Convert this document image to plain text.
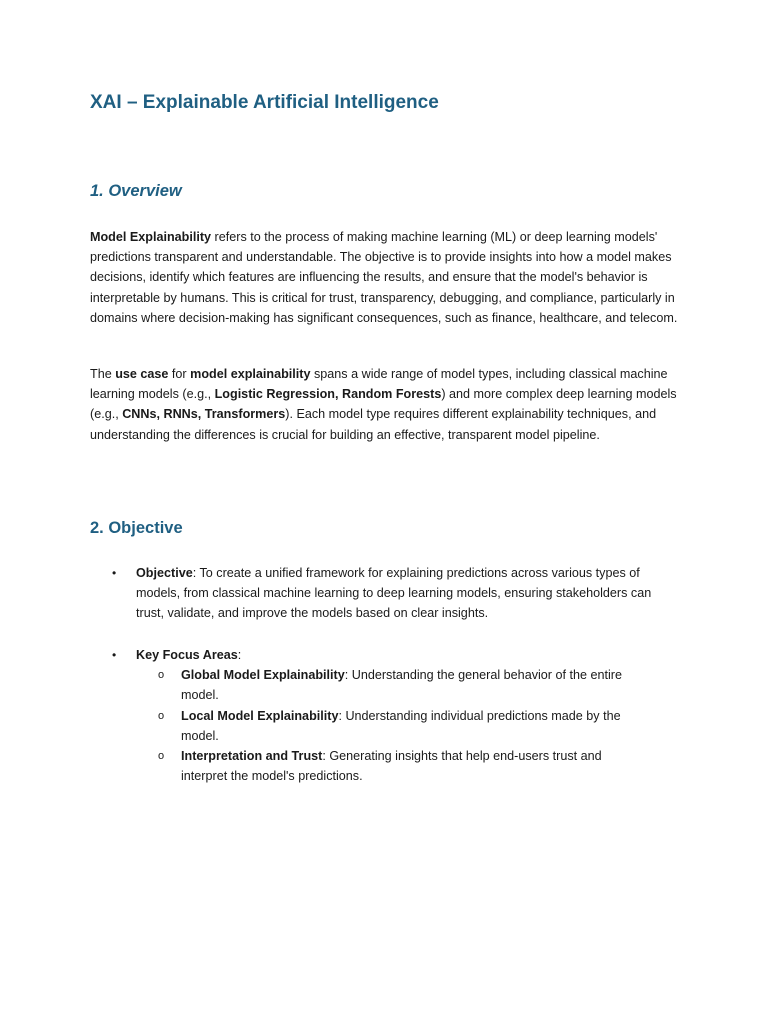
XAI – Explainable Artificial Intelligence
1. Overview

Model Explainability refers to the process of making machine learning (ML) or deep learning models' predictions transparent and understandable. The objective is to provide insights into how a model makes decisions, identify which features are influencing the results, and ensure that the model's behavior is interpretable by humans. This is critical for trust, transparency, debugging, and compliance, particularly in domains where decision-making has significant consequences, such as finance, healthcare, and telecom.

The use case for model explainability spans a wide range of model types, including classical machine learning models (e.g., Logistic Regression, Random Forests) and more complex deep learning models (e.g., CNNs, RNNs, Transformers). Each model type requires different explainability techniques, and understanding the differences is crucial for building an effective, transparent model pipeline.

2. Objective
• Objective: To create a unified framework for explaining predictions across various types of models, from classical machine learning to deep learning models, ensuring stakeholders can trust, validate, and improve the models based on clear insights.
• Key Focus Areas:
o Global Model Explainability: Understanding the general behavior of the entire model.
o Local Model Explainability: Understanding individual predictions made by the model.
o Interpretation and Trust: Generating insights that help end-users trust and interpret the model's predictions.
